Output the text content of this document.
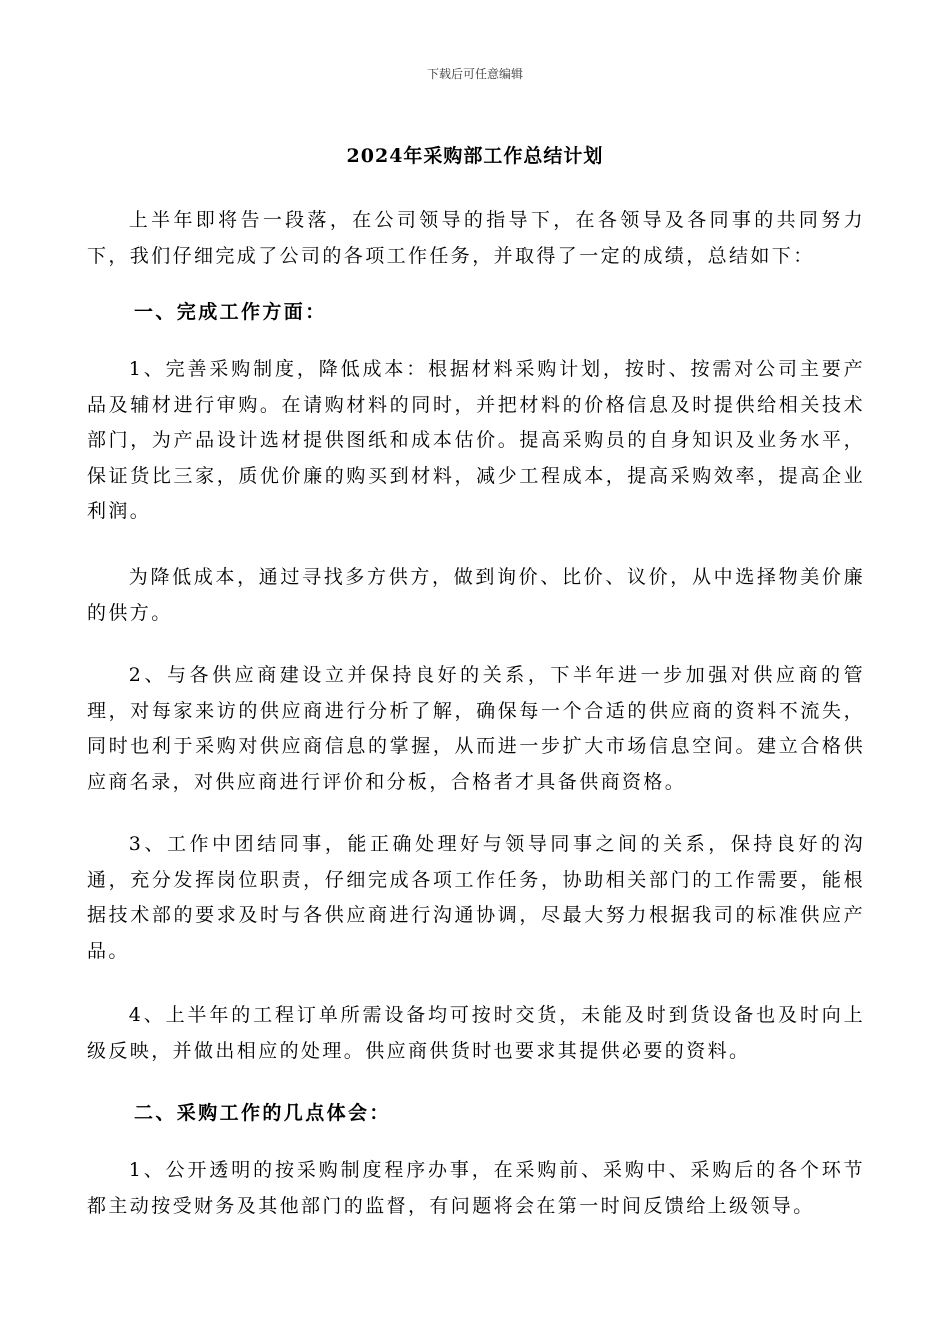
下载后可任意编辑
2024年采购部工作总结计划

上半年即将告一段落，在公司领导的指导下，在各领导及各同事的共同努力下，我们仔细完成了公司的各项工作任务，并取得了一定的成绩，总结如下：

一、完成工作方面：

1、完善采购制度，降低成本：根据材料采购计划，按时、按需对公司主要产品及辅材进行审购。在请购材料的同时，并把材料的价格信息及时提供给相关技术部门，为产品设计选材提供图纸和成本估价。提高采购员的自身知识及业务水平，保证货比三家，质优价廉的购买到材料，减少工程成本，提高采购效率，提高企业利润。

为降低成本，通过寻找多方供方，做到询价、比价、议价，从中选择物美价廉的供方。

2、与各供应商建设立并保持良好的关系，下半年进一步加强对供应商的管理，对每家来访的供应商进行分析了解，确保每一个合适的供应商的资料不流失，同时也利于采购对供应商信息的掌握，从而进一步扩大市场信息空间。建立合格供应商名录，对供应商进行评价和分板，合格者才具备供商资格。

3、工作中团结同事，能正确处理好与领导同事之间的关系，保持良好的沟通，充分发挥岗位职责，仔细完成各项工作任务，协助相关部门的工作需要，能根据技术部的要求及时与各供应商进行沟通协调，尽最大努力根据我司的标准供应产品。

4、上半年的工程订单所需设备均可按时交货，未能及时到货设备也及时向上级反映，并做出相应的处理。供应商供货时也要求其提供必要的资料。

二、采购工作的几点体会：

1、公开透明的按采购制度程序办事，在采购前、采购中、采购后的各个环节都主动按受财务及其他部门的监督，有问题将会在第一时间反馈给上级领导。
